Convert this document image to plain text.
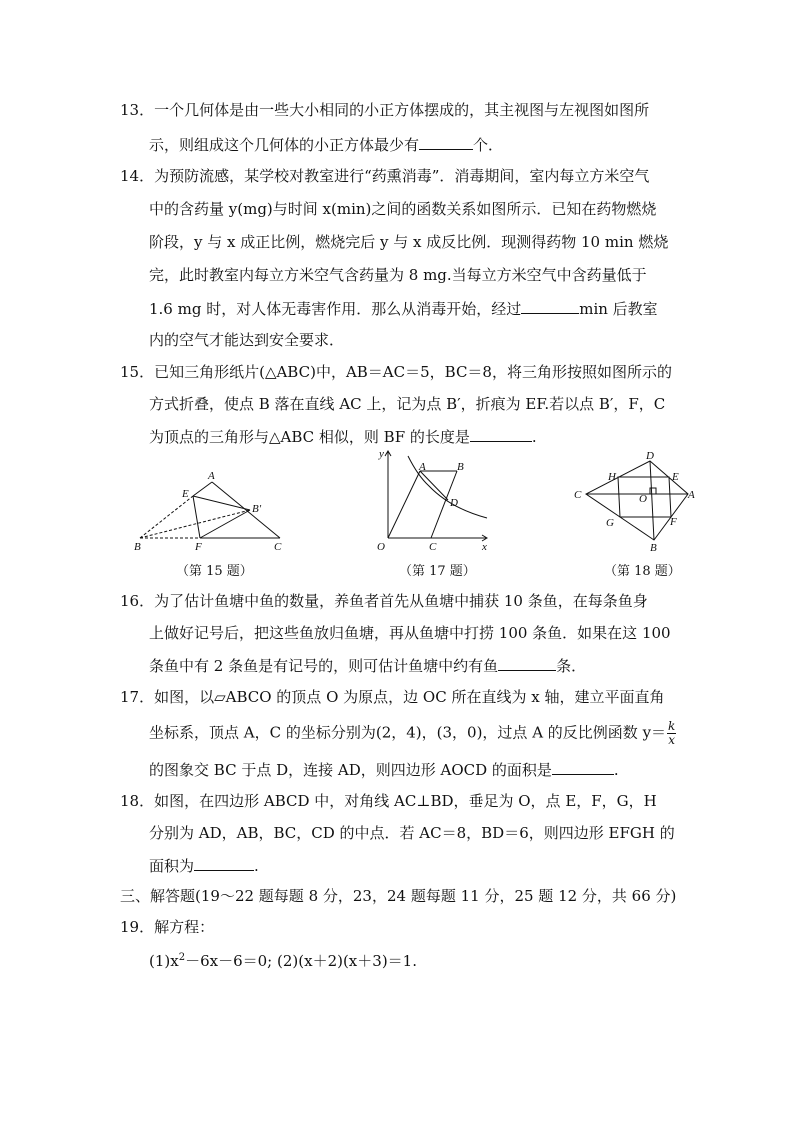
13．一个几何体是由一些大小相同的小正方体摆成的，其主视图与左视图如图所
示，则组成这个几何体的小正方体最少有	个．
14．为预防流感，某学校对教室进行“药熏消毒”．消毒期间，室内每立方米空气
中的含药量 y(mg)与时间 x(min)之间的函数关系如图所示．已知在药物燃烧
阶段，y 与 x 成正比例，燃烧完后 y 与 x 成反比例．现测得药物 10 min 燃烧
完，此时教室内每立方米空气含药量为 8 mg.当每立方米空气中含药量低于
1.6 mg 时，对人体无毒害作用．那么从消毒开始，经过	min 后教室
内的空气才能达到安全要求．
15．已知三角形纸片(△ABC)中，AB＝AC＝5，BC＝8，将三角形按照如图所示的
方式折叠，使点 B 落在直线 AC 上，记为点 B′，折痕为 EF.若以点 B′，F，C
为顶点的三角形与△ABC 相似，则 BF 的长度是	.
A
E
B′
B	F	C
（第 15 题）
y
x
O
A	B
D
C
（第 17 题）
D
H	E
C	A
O
G	F
B
（第 18 题）
16．为了估计鱼塘中鱼的数量，养鱼者首先从鱼塘中捕获 10 条鱼，在每条鱼身
上做好记号后，把这些鱼放归鱼塘，再从鱼塘中打捞 100 条鱼．如果在这 100
条鱼中有 2 条鱼是有记号的，则可估计鱼塘中约有鱼	条．
17．如图，以▱ABCO 的顶点 O 为原点，边 OC 所在直线为 x 轴，建立平面直角
坐标系，顶点 A，C 的坐标分别为(2，4)，(3，0)，过点 A 的反比例函数 $y= \frac{k}{x}$
的图象交 BC 于点 D，连接 AD，则四边形 AOCD 的面积是	.
18．如图，在四边形 ABCD 中，对角线 AC⊥BD，垂足为 O，点 E，F，G，H
分别为 AD，AB，BC，CD 的中点．若 AC＝8，BD＝6，则四边形 EFGH 的
面积为	.
三、解答题(19～22 题每题 8 分，23，24 题每题 11 分，25 题 12 分，共 66 分)
19．解方程：
$(1)x^2-6x-6=0$; (2)(x＋2)(x＋3)＝1.
